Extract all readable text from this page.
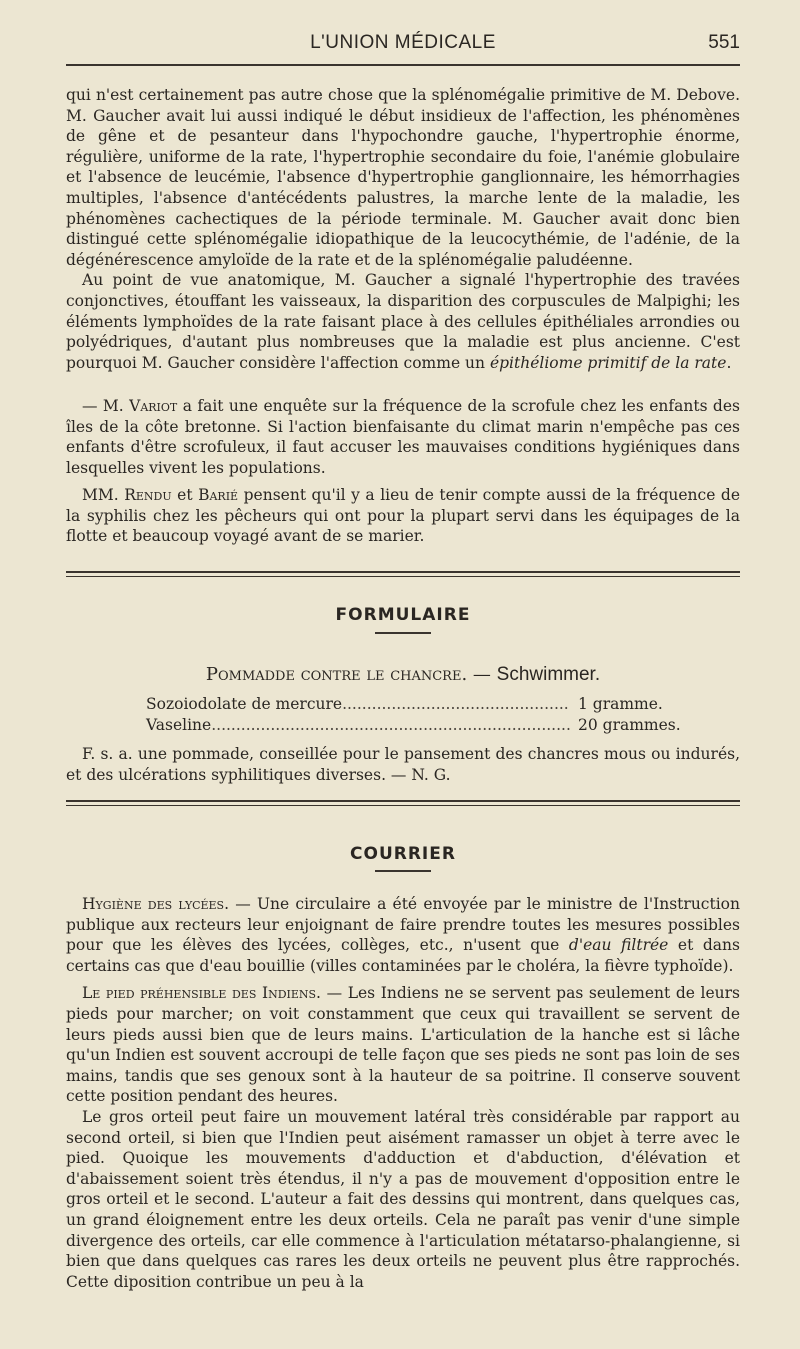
L'UNION MÉDICALE	551

qui n'est certainement pas autre chose que la splénomégalie primitive de M. Debove. M. Gaucher avait lui aussi indiqué le début insidieux de l'affection, les phénomènes de gêne et de pesanteur dans l'hypochondre gauche, l'hypertrophie énorme, régulière, uniforme de la rate, l'hypertrophie secondaire du foie, l'anémie globulaire et l'absence de leucémie, l'absence d'hypertrophie ganglionnaire, les hémorrhagies multiples, l'absence d'antécédents palustres, la marche lente de la maladie, les phénomènes cachectiques de la période terminale. M. Gaucher avait donc bien distingué cette splénomégalie idiopathique de la leucocythémie, de l'adénie, de la dégénérescence amyloïde de la rate et de la splénomégalie paludéenne.

Au point de vue anatomique, M. Gaucher a signalé l'hypertrophie des travées conjonctives, étouffant les vaisseaux, la disparition des corpuscules de Malpighi; les éléments lymphoïdes de la rate faisant place à des cellules épithéliales arrondies ou polyédriques, d'autant plus nombreuses que la maladie est plus ancienne. C'est pourquoi M. Gaucher considère l'affection comme un épithéliome primitif de la rate.

— M. Variot a fait une enquête sur la fréquence de la scrofule chez les enfants des îles de la côte bretonne. Si l'action bienfaisante du climat marin n'empêche pas ces enfants d'être scrofuleux, il faut accuser les mauvaises conditions hygiéniques dans lesquelles vivent les populations.

MM. Rendu et Barié pensent qu'il y a lieu de tenir compte aussi de la fréquence de la syphilis chez les pêcheurs qui ont pour la plupart servi dans les équipages de la flotte et beaucoup voyagé avant de se marier.

FORMULAIRE
Pommadde contre le chancre. — Schwimmer.
Sozoiodolate de mercure .....	1 gramme.
Vaseline .....	20 grammes.

F. s. a. une pommade, conseillée pour le pansement des chancres mous ou indurés, et des ulcérations syphilitiques diverses. — N. G.

COURRIER

Hygiène des lycées. — Une circulaire a été envoyée par le ministre de l'Instruction publique aux recteurs leur enjoignant de faire prendre toutes les mesures possibles pour que les élèves des lycées, collèges, etc., n'usent que d'eau filtrée et dans certains cas que d'eau bouillie (villes contaminées par le choléra, la fièvre typhoïde).

Le pied préhensible des Indiens. — Les Indiens ne se servent pas seulement de leurs pieds pour marcher; on voit constamment que ceux qui travaillent se servent de leurs pieds aussi bien que de leurs mains. L'articulation de la hanche est si lâche qu'un Indien est souvent accroupi de telle façon que ses pieds ne sont pas loin de ses mains, tandis que ses genoux sont à la hauteur de sa poitrine. Il conserve souvent cette position pendant des heures.

Le gros orteil peut faire un mouvement latéral très considérable par rapport au second orteil, si bien que l'Indien peut aisément ramasser un objet à terre avec le pied. Quoique les mouvements d'adduction et d'abduction, d'élévation et d'abaissement soient très étendus, il n'y a pas de mouvement d'opposition entre le gros orteil et le second. L'auteur a fait des dessins qui montrent, dans quelques cas, un grand éloignement entre les deux orteils. Cela ne paraît pas venir d'une simple divergence des orteils, car elle commence à l'articulation métatarso-phalangienne, si bien que dans quelques cas rares les deux orteils ne peuvent plus être rapprochés. Cette diposition contribue un peu à la
